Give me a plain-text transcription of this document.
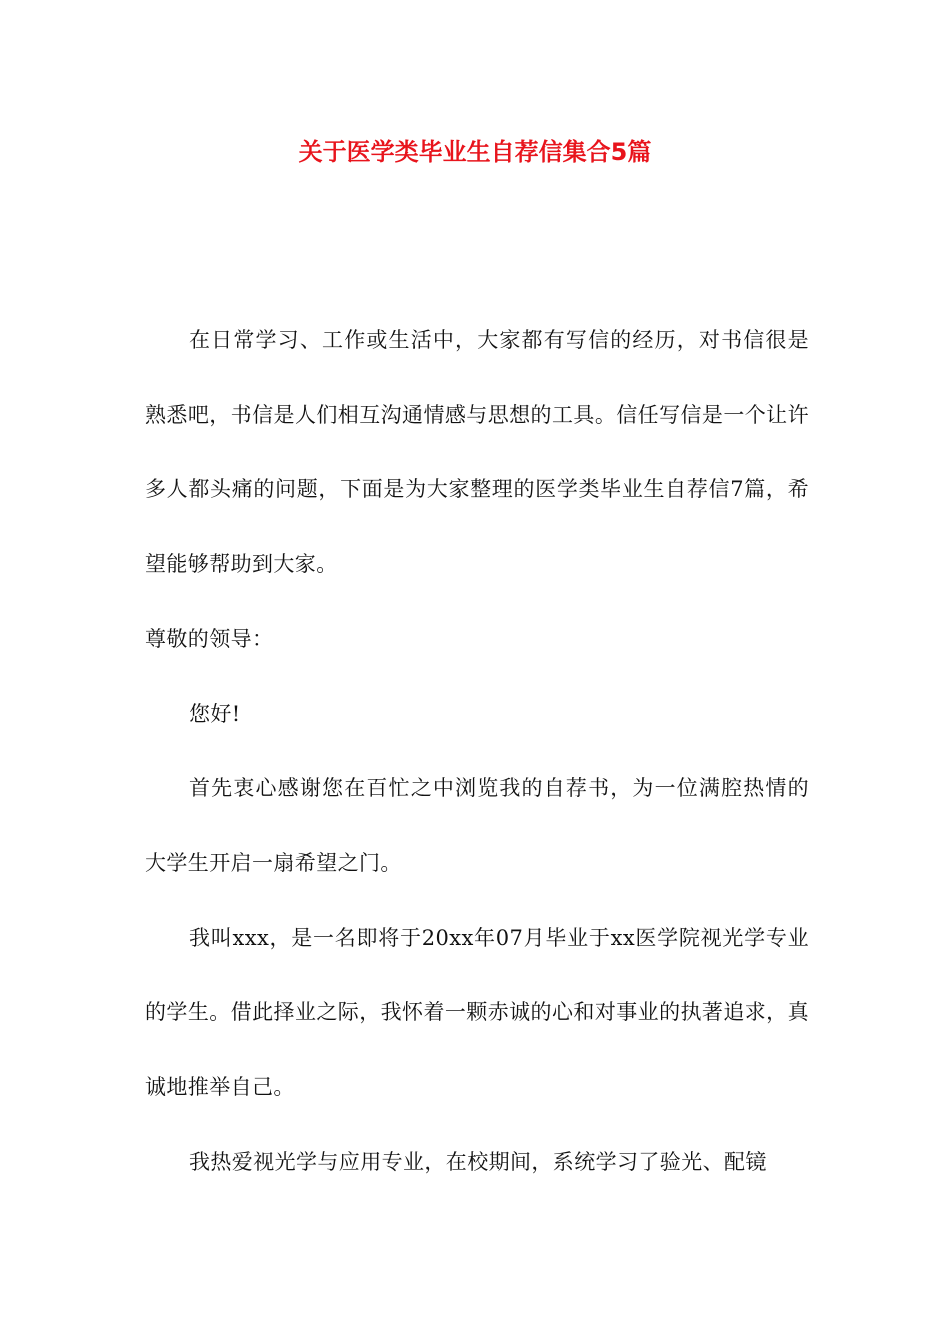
关于医学类毕业生自荐信集合5篇

在日常学习、工作或生活中，大家都有写信的经历，对书信很是熟悉吧，书信是人们相互沟通情感与思想的工具。信任写信是一个让许多人都头痛的问题，下面是为大家整理的医学类毕业生自荐信7篇，希望能够帮助到大家。

尊敬的领导：

您好!

首先衷心感谢您在百忙之中浏览我的自荐书，为一位满腔热情的大学生开启一扇希望之门。

我叫xxx，是一名即将于20xx年07月毕业于xx医学院视光学专业的学生。借此择业之际，我怀着一颗赤诚的心和对事业的执著追求，真诚地推举自己。

我热爱视光学与应用专业，在校期间，系统学习了验光、配镜
